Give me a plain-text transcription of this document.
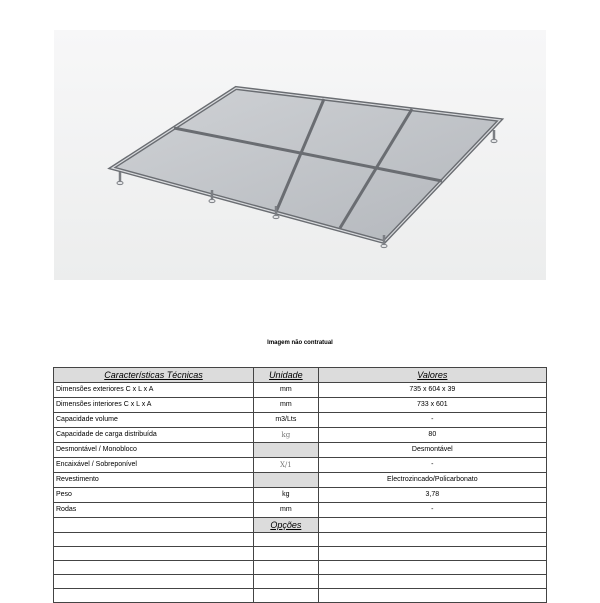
Imagem não contratual
Características Técnicas	Unidade	Valores
Dimensões exteriores C x L x A	mm	735 x 604 x 39
Dimensões interiores C x L x A	mm	733 x 601
Capacidade volume	m3/Lts	-
Capacidade de carga distribuída	kg	80
Desmontável / Monobloco		Desmontável
Encaixável / Sobreponível	X/1	-
Revestimento		Electrozincado/Policarbonato
Peso	kg	3,78
Rodas	mm	-
	Opções	
